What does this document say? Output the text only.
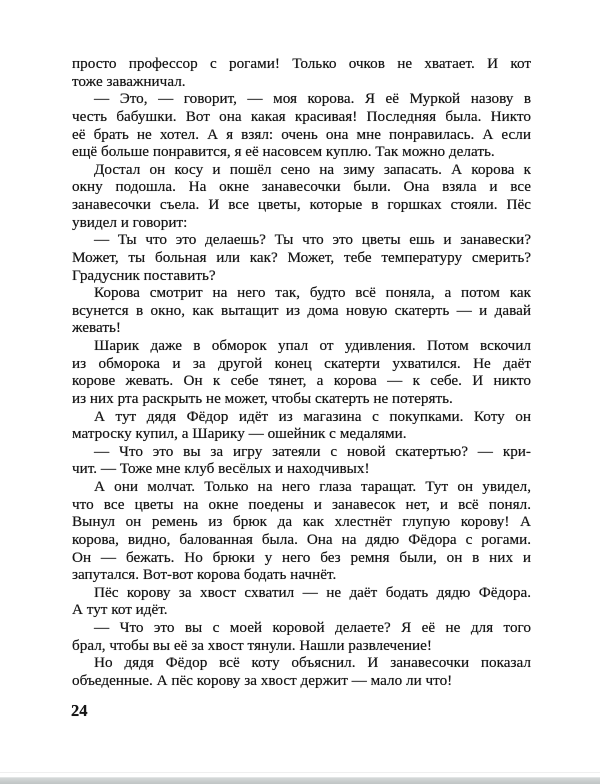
просто профессор с рогами! Только очков не хватает. И кот
тоже заважничал.
— Это, — говорит, — моя корова. Я её Муркой назову в
честь бабушки. Вот она какая красивая! Последняя была. Никто
её брать не хотел. А я взял: очень она мне понравилась. А если
ещё больше понравится, я её насовсем куплю. Так можно делать.
Достал он косу и пошёл сено на зиму запасать. А корова к
окну подошла. На окне занавесочки были. Она взяла и все
занавесочки съела. И все цветы, которые в горшках стояли. Пёс
увидел и говорит:
— Ты что это делаешь? Ты что это цветы ешь и занавески?
Может, ты больная или как? Может, тебе температуру смерить?
Градусник поставить?
Корова смотрит на него так, будто всё поняла, а потом как
всунется в окно, как вытащит из дома новую скатерть — и давай
жевать!
Шарик даже в обморок упал от удивления. Потом вскочил
из обморока и за другой конец скатерти ухватился. Не даёт
корове жевать. Он к себе тянет, а корова — к себе. И никто
из них рта раскрыть не может, чтобы скатерть не потерять.
А тут дядя Фёдор идёт из магазина с покупками. Коту он
матроску купил, а Шарику — ошейник с медалями.
— Что это вы за игру затеяли с новой скатертью? — кри-
чит. — Тоже мне клуб весёлых и находчивых!
А они молчат. Только на него глаза таращат. Тут он увидел,
что все цветы на окне поедены и занавесок нет, и всё понял.
Вынул он ремень из брюк да как хлестнёт глупую корову! А
корова, видно, балованная была. Она на дядю Фёдора с рогами.
Он — бежать. Но брюки у него без ремня были, он в них и
запутался. Вот-вот корова бодать начнёт.
Пёс корову за хвост схватил — не даёт бодать дядю Фёдора.
А тут кот идёт.
— Что это вы с моей коровой делаете? Я её не для того
брал, чтобы вы её за хвост тянули. Нашли развлечение!
Но дядя Фёдор всё коту объяснил. И занавесочки показал
объеденные. А пёс корову за хвост держит — мало ли что!
24
